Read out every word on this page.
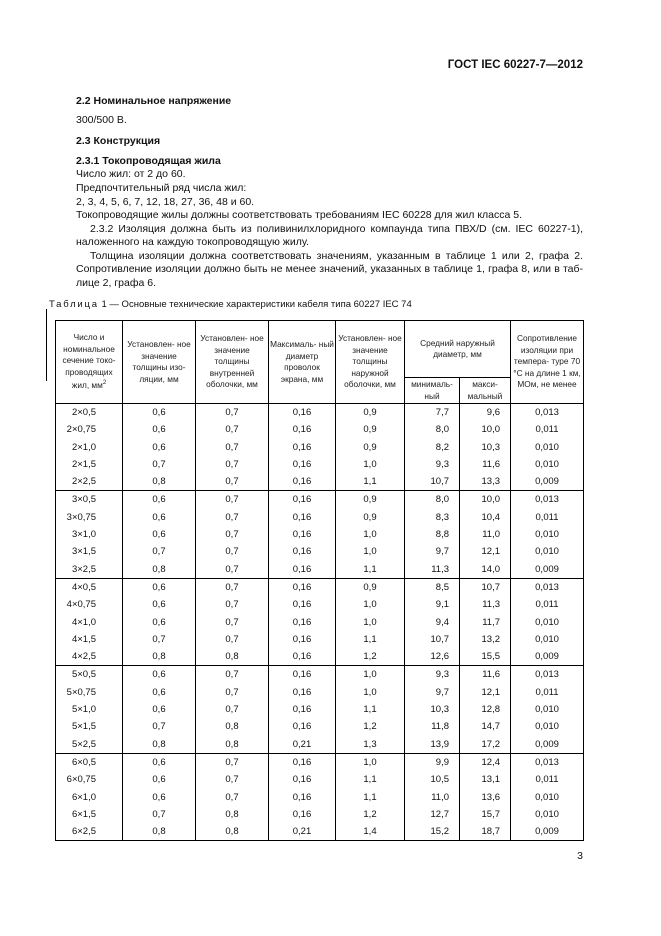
ГОСТ IEC 60227-7—2012
2.2 Номинальное напряжение
300/500 В.
2.3 Конструкция
2.3.1 Токопроводящая жила
Число жил: от 2 до 60.
Предпочтительный ряд числа жил:
2, 3, 4, 5, 6, 7, 12, 18, 27, 36, 48 и 60.
Токопроводящие жилы должны соответствовать требованиям IEC 60228 для жил класса 5.
2.3.2 Изоляция должна быть из поливинилхлоридного компаунда типа ПВХ/D (см. IEC 60227-1),
наложенного на каждую токопроводящую жилу.
Толщина изоляции должна соответствовать значениям, указанным в таблице 1 или 2, графа 2.
Сопротивление изоляции должно быть не менее значений, указанных в таблице 1, графа 8, или в таб-
лице 2, графа 6.
Таблица 1 — Основные технические характеристики кабеля типа 60227 IEC 74
Число и номинальное сечение токо- проводящих жил, $мм^2$	Установлен- ное значение толщины изо- ляции, мм	Установлен- ное значение толщины внутренней оболочки, мм	Максималь- ный диаметр проволок экрана, мм	Установлен- ное значение толщины наружной оболочки, мм	Средний наружный диаметр, мм		Сопротивление изоляции при темпера- туре 70 °С на длине 1 км, МОм, не менее
					минималь- ный	макси- мальный	
2×0,5	0,6	0,7	0,16	0,9	7,7	9,6	0,013
2×0,75	0,6	0,7	0,16	0,9	8,0	10,0	0,011
2×1,0	0,6	0,7	0,16	0,9	8,2	10,3	0,010
2×1,5	0,7	0,7	0,16	1,0	9,3	11,6	0,010
2×2,5	0,8	0,7	0,16	1,1	10,7	13,3	0,009
3×0,5	0,6	0,7	0,16	0,9	8,0	10,0	0,013
3×0,75	0,6	0,7	0,16	0,9	8,3	10,4	0,011
3×1,0	0,6	0,7	0,16	1,0	8,8	11,0	0,010
3×1,5	0,7	0,7	0,16	1,0	9,7	12,1	0,010
3×2,5	0,8	0,7	0,16	1,1	11,3	14,0	0,009
4×0,5	0,6	0,7	0,16	0,9	8,5	10,7	0,013
4×0,75	0,6	0,7	0,16	1,0	9,1	11,3	0,011
4×1,0	0,6	0,7	0,16	1,0	9,4	11,7	0,010
4×1,5	0,7	0,7	0,16	1,1	10,7	13,2	0,010
4×2,5	0,8	0,8	0,16	1,2	12,6	15,5	0,009
5×0,5	0,6	0,7	0,16	1,0	9,3	11,6	0,013
5×0,75	0,6	0,7	0,16	1,0	9,7	12,1	0,011
5×1,0	0,6	0,7	0,16	1,1	10,3	12,8	0,010
5×1,5	0,7	0,8	0,16	1,2	11,8	14,7	0,010
5×2,5	0,8	0,8	0,21	1,3	13,9	17,2	0,009
6×0,5	0,6	0,7	0,16	1,0	9,9	12,4	0,013
6×0,75	0,6	0,7	0,16	1,1	10,5	13,1	0,011
6×1,0	0,6	0,7	0,16	1,1	11,0	13,6	0,010
6×1,5	0,7	0,8	0,16	1,2	12,7	15,7	0,010
6×2,5	0,8	0,8	0,21	1,4	15,2	18,7	0,009
3
